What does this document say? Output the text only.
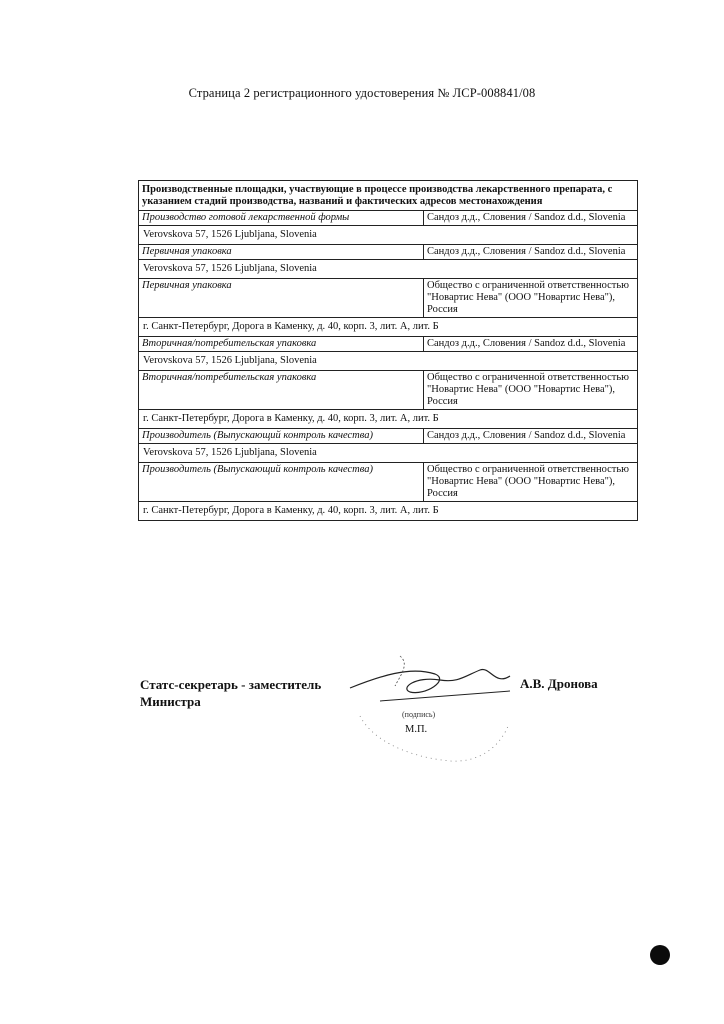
Страница 2 регистрационного удостоверения № ЛСР-008841/08
Производственные площадки, участвующие в процессе производства лекарственного препарата, с указанием стадий производства, названий и фактических адресов местонахождения
Производство готовой лекарственной формы	Сандоз д.д., Словения / Sandoz d.d., Slovenia
Verovskova 57, 1526 Ljubljana, Slovenia
Первичная упаковка	Сандоз д.д., Словения / Sandoz d.d., Slovenia
Verovskova 57, 1526 Ljubljana, Slovenia
Первичная упаковка	Общество с ограниченной ответственностью "Новартис Нева" (ООО "Новартис Нева"), Россия
г. Санкт-Петербург, Дорога в Каменку, д. 40, корп. 3, лит. А, лит. Б
Вторичная/потребительская упаковка	Сандоз д.д., Словения / Sandoz d.d., Slovenia
Verovskova 57, 1526 Ljubljana, Slovenia
Вторичная/потребительская упаковка	Общество с ограниченной ответственностью "Новартис Нева" (ООО "Новартис Нева"), Россия
г. Санкт-Петербург, Дорога в Каменку, д. 40, корп. 3, лит. А, лит. Б
Производитель (Выпускающий контроль качества)	Сандоз д.д., Словения / Sandoz d.d., Slovenia
Verovskova 57, 1526 Ljubljana, Slovenia
Производитель (Выпускающий контроль качества)	Общество с ограниченной ответственностью "Новартис Нева" (ООО "Новартис Нева"), Россия
г. Санкт-Петербург, Дорога в Каменку, д. 40, корп. 3, лит. А, лит. Б
Статс-секретарь - заместитель Министра
А.В. Дронова
(подпись)
М.П.
